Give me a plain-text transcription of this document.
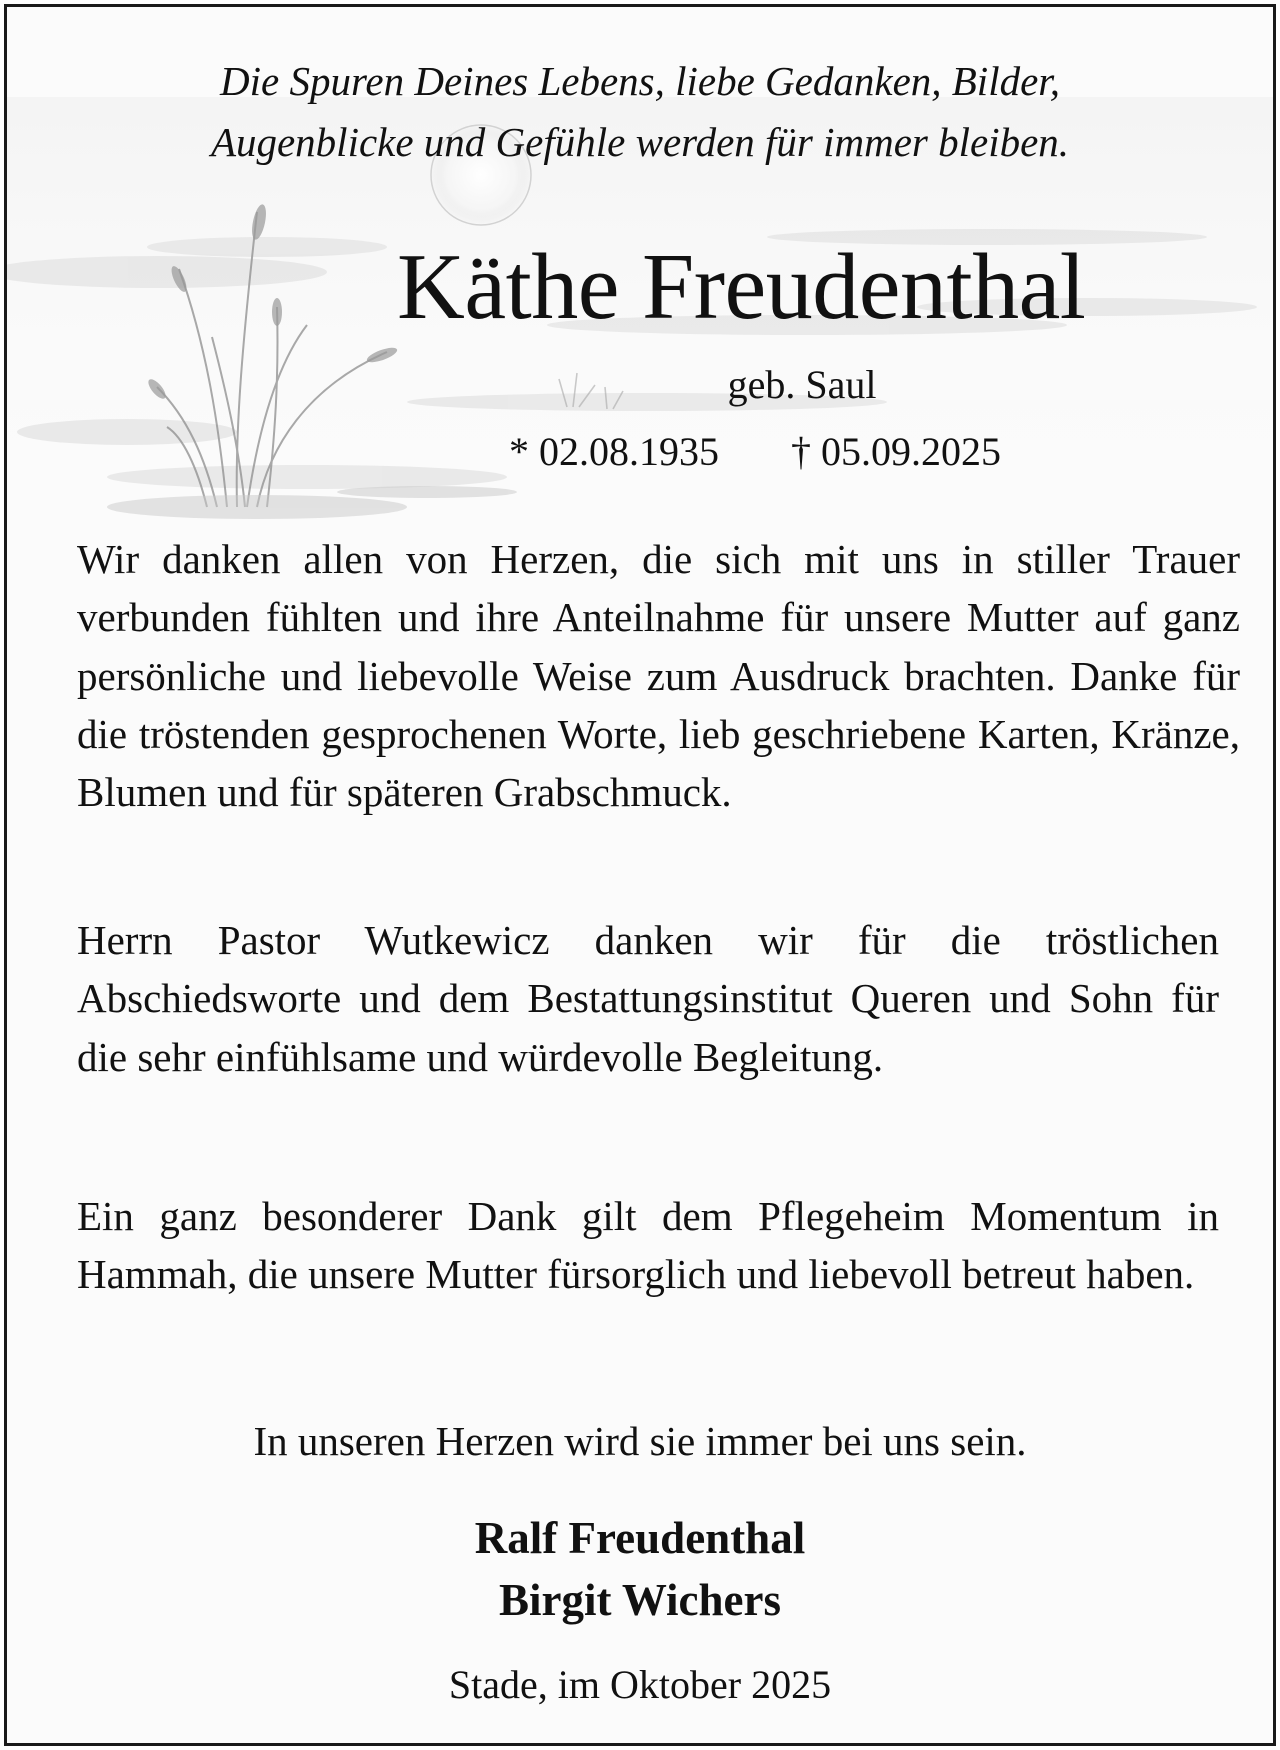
Die Spuren Deines Lebens, liebe Gedanken, Bilder,
Augenblicke und Gefühle werden für immer bleiben.
Käthe Freudenthal
geb. Saul
* 02.08.1935 † 05.09.2025

Wir danken allen von Herzen, die sich mit uns in stiller Trauer verbunden fühlten und ihre Anteilnahme für unsere Mutter auf ganz persönliche und liebevolle Weise zum Ausdruck brachten. Danke für die tröstenden gesprochenen Worte, lieb geschriebene Karten, Kränze, Blumen und für späteren Grabschmuck.

Herrn Pastor Wutkewicz danken wir für die tröstlichen Abschiedsworte und dem Bestattungsinstitut Queren und Sohn für die sehr einfühlsame und würdevolle Begleitung.

Ein ganz besonderer Dank gilt dem Pflegeheim Momentum in Hammah, die unsere Mutter fürsorglich und liebevoll betreut haben.

In unseren Herzen wird sie immer bei uns sein.

Ralf Freudenthal
Birgit Wichers
Stade, im Oktober 2025
